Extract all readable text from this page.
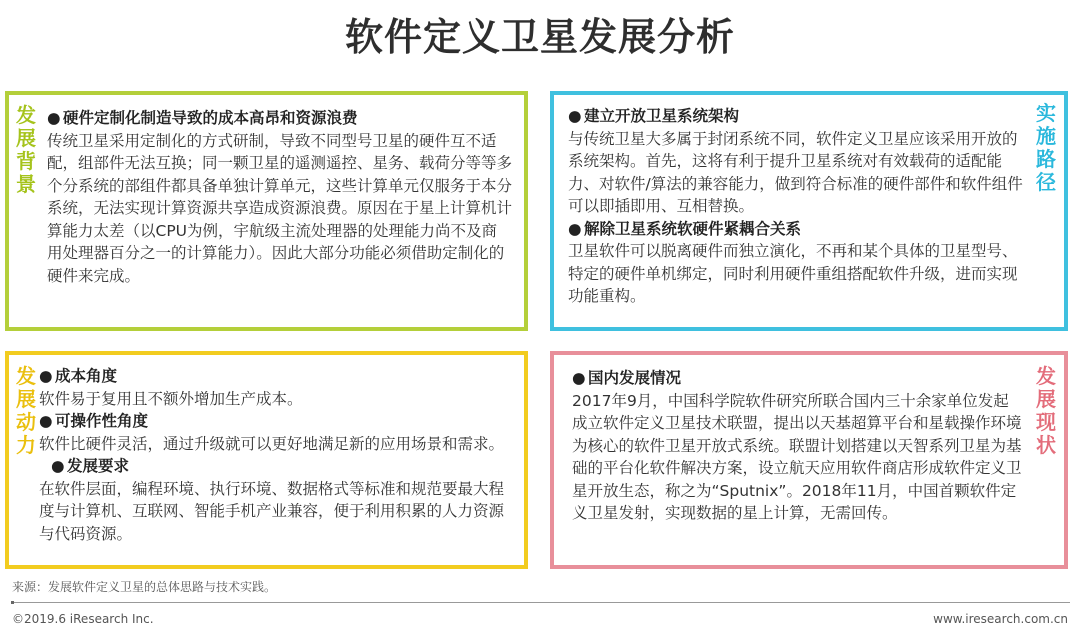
软件定义卫星发展分析
发
展
背
景
● 硬件定制化制造导致的成本高昂和资源浪费
传统卫星采用定制化的方式研制，导致不同型号卫星的硬件互不适配，组部件无法互换；同一颗卫星的遥测遥控、星务、载荷分等等多个分系统的部组件都具备单独计算单元，这些计算单元仅服务于本分系统，无法实现计算资源共享造成资源浪费。原因在于星上计算机计算能力太差（以CPU为例，宇航级主流处理器的处理能力尚不及商用处理器百分之一的计算能力）。因此大部分功能必须借助定制化的硬件来完成。
实
施
路
径
● 建立开放卫星系统架构
与传统卫星大多属于封闭系统不同，软件定义卫星应该采用开放的系统架构。首先，这将有利于提升卫星系统对有效载荷的适配能力、对软件/算法的兼容能力，做到符合标准的硬件部件和软件组件可以即插即用、互相替换。
● 解除卫星系统软硬件紧耦合关系
卫星软件可以脱离硬件而独立演化，不再和某个具体的卫星型号、特定的硬件单机绑定，同时利用硬件重组搭配软件升级，进而实现功能重构。
发
展
动
力
● 成本角度
软件易于复用且不额外增加生产成本。
● 可操作性角度
软件比硬件灵活，通过升级就可以更好地满足新的应用场景和需求。
● 发展要求
在软件层面，编程环境、执行环境、数据格式等标准和规范要最大程度与计算机、互联网、智能手机产业兼容，便于利用积累的人力资源与代码资源。
发
展
现
状
● 国内发展情况
2017年9月，中国科学院软件研究所联合国内三十余家单位发起成立软件定义卫星技术联盟，提出以天基超算平台和星载操作环境为核心的软件卫星开放式系统。联盟计划搭建以天智系列卫星为基础的平台化软件解决方案，设立航天应用软件商店形成软件定义卫星开放生态，称之为“Sputnix”。2018年11月，中国首颗软件定义卫星发射，实现数据的星上计算，无需回传。
来源：发展软件定义卫星的总体思路与技术实践。
©2019.6 iResearch Inc.	www.iresearch.com.cn
